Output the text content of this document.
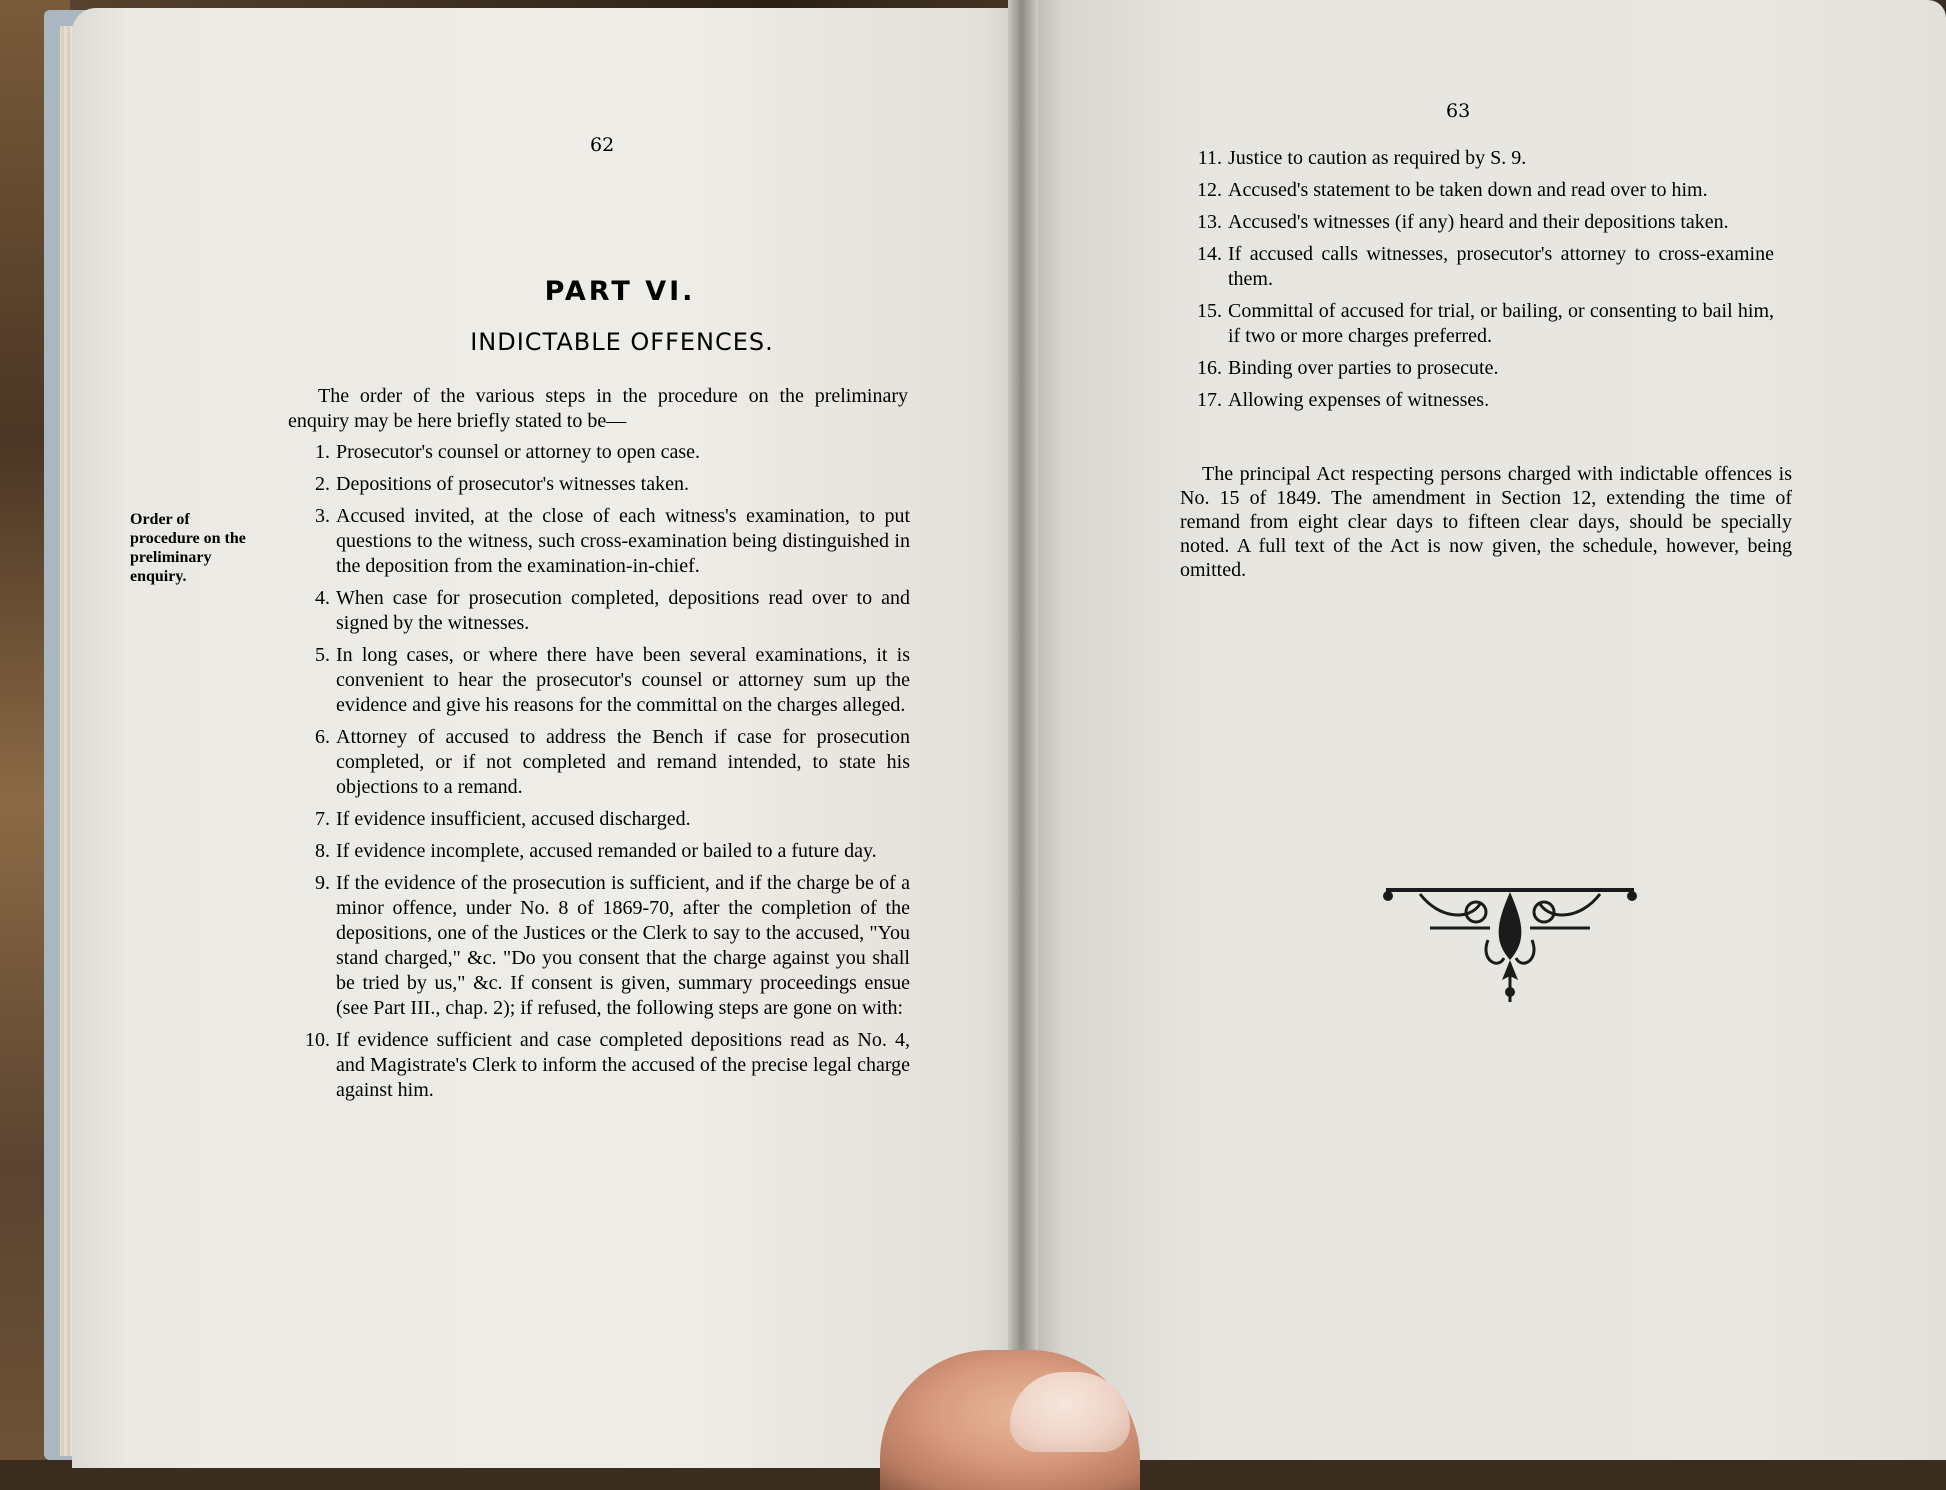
62
PART VI.
INDICTABLE OFFENCES.
The order of the various steps in the procedure on the preliminary enquiry may be here briefly stated to be—
Order of procedure on the preliminary enquiry.
1. Prosecutor's counsel or attorney to open case.
2. Depositions of prosecutor's witnesses taken.
3. Accused invited, at the close of each witness's examination, to put questions to the witness, such cross-examination being distinguished in the deposition from the examination-in-chief.
4. When case for prosecution completed, depositions read over to and signed by the witnesses.
5. In long cases, or where there have been several examinations, it is convenient to hear the prosecutor's counsel or attorney sum up the evidence and give his reasons for the committal on the charges alleged.
6. Attorney of accused to address the Bench if case for prosecution completed, or if not completed and remand intended, to state his objections to a remand.
7. If evidence insufficient, accused discharged.
8. If evidence incomplete, accused remanded or bailed to a future day.
9. If the evidence of the prosecution is sufficient, and if the charge be of a minor offence, under No. 8 of 1869-70, after the completion of the depositions, one of the Justices or the Clerk to say to the accused, "You stand charged," &c. "Do you consent that the charge against you shall be tried by us," &c. If consent is given, summary proceedings ensue (see Part III., chap. 2); if refused, the following steps are gone on with:
10. If evidence sufficient and case completed depositions read as No. 4, and Magistrate's Clerk to inform the accused of the precise legal charge against him.
63
11. Justice to caution as required by S. 9.
12. Accused's statement to be taken down and read over to him.
13. Accused's witnesses (if any) heard and their depositions taken.
14. If accused calls witnesses, prosecutor's attorney to cross-examine them.
15. Committal of accused for trial, or bailing, or consenting to bail him, if two or more charges preferred.
16. Binding over parties to prosecute.
17. Allowing expenses of witnesses.
The principal Act respecting persons charged with indictable offences is No. 15 of 1849. The amendment in Section 12, extending the time of remand from eight clear days to fifteen clear days, should be specially noted. A full text of the Act is now given, the schedule, however, being omitted.
